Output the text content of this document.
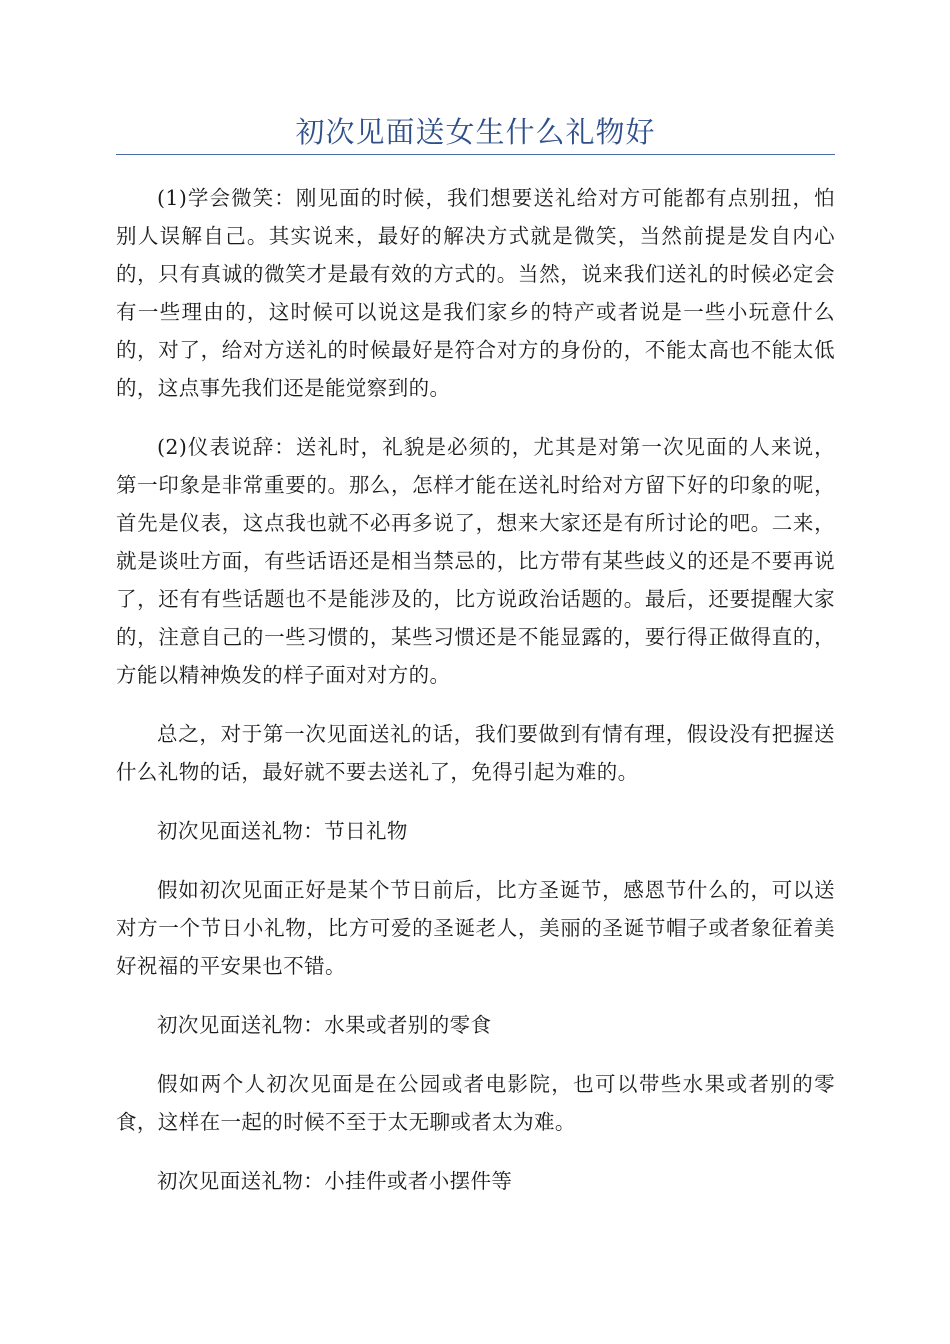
初次见面送女生什么礼物好

(1)学会微笑：刚见面的时候，我们想要送礼给对方可能都有点别扭，怕别人误解自己。其实说来，最好的解决方式就是微笑，当然前提是发自内心的，只有真诚的微笑才是最有效的方式的。当然，说来我们送礼的时候必定会有一些理由的，这时候可以说这是我们家乡的特产或者说是一些小玩意什么的，对了，给对方送礼的时候最好是符合对方的身份的，不能太高也不能太低的，这点事先我们还是能觉察到的。

(2)仪表说辞：送礼时，礼貌是必须的，尤其是对第一次见面的人来说，第一印象是非常重要的。那么，怎样才能在送礼时给对方留下好的印象的呢，首先是仪表，这点我也就不必再多说了，想来大家还是有所讨论的吧。二来，就是谈吐方面，有些话语还是相当禁忌的，比方带有某些歧义的还是不要再说了，还有有些话题也不是能涉及的，比方说政治话题的。最后，还要提醒大家的，注意自己的一些习惯的，某些习惯还是不能显露的，要行得正做得直的，方能以精神焕发的样子面对对方的。

总之，对于第一次见面送礼的话，我们要做到有情有理，假设没有把握送什么礼物的话，最好就不要去送礼了，免得引起为难的。

初次见面送礼物：节日礼物

假如初次见面正好是某个节日前后，比方圣诞节，感恩节什么的，可以送对方一个节日小礼物，比方可爱的圣诞老人，美丽的圣诞节帽子或者象征着美好祝福的平安果也不错。

初次见面送礼物：水果或者别的零食

假如两个人初次见面是在公园或者电影院，也可以带些水果或者别的零食，这样在一起的时候不至于太无聊或者太为难。

初次见面送礼物：小挂件或者小摆件等
